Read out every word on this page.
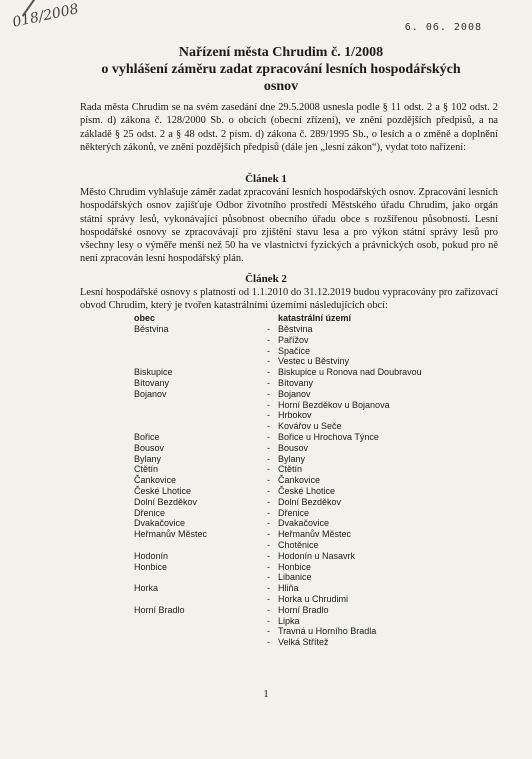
018/2008	6. 06. 2008
Nařízení města Chrudim č. 1/2008
o vyhlášení záměru zadat zpracování lesních hospodářských
osnov
Rada města Chrudim se na svém zasedání dne 29.5.2008 usnesla podle § 11 odst. 2 a § 102 odst. 2 písm. d) zákona č. 128/2000 Sb. o obcích (obecní zřízení), ve znění pozdějších předpisů, a na základě § 25 odst. 2 a § 48 odst. 2 písm. d) zákona č. 289/1995 Sb., o lesích a o změně a doplnění některých zákonů, ve znění pozdějších předpisů (dále jen „lesní zákon“), vydat toto nařízení:
Článek 1
Město Chrudim vyhlašuje záměr zadat zpracování lesních hospodářských osnov. Zpracování lesních hospodářských osnov zajišťuje Odbor životního prostředí Městského úřadu Chrudim, jako orgán státní správy lesů, vykonávající působnost obecního úřadu obce s rozšířenou působností. Lesní hospodářské osnovy se zpracovávají pro zjištění stavu lesa a pro výkon státní správy lesů pro všechny lesy o výměře menší než 50 ha ve vlastnictví fyzických a právnických osob, pokud pro ně není zpracován lesní hospodářský plán.
Článek 2
Lesní hospodářské osnovy s platností od 1.1.2010 do 31.12.2019 budou vypracovány pro zařizovací obvod Chrudim, který je tvořen katastrálními územími následujících obcí:
obec		katastrální území
Běstvina	-	Běstvina
	-	Pařížov
	-	Spačice
	-	Vestec u Běstviny
Biskupice	-	Biskupice u Ronova nad Doubravou
Bítovany	-	Bítovany
Bojanov	-	Bojanov
	-	Horní Bezděkov u Bojanova
	-	Hrbokov
	-	Kovářov u Seče
Bořice	-	Bořice u Hrochova Týnce
Bousov	-	Bousov
Bylany	-	Bylany
Ctětín	-	Ctětín
Čankovice	-	Čankovice
České Lhotice	-	České Lhotice
Dolní Bezděkov	-	Dolní Bezděkov
Dřenice	-	Dřenice
Dvakačovice	-	Dvakačovice
Heřmanův Městec	-	Heřmanův Městec
	-	Chotěnice
Hodonín	-	Hodonín u Nasavrk
Honbice	-	Honbice
	-	Libanice
Horka	-	Hliňa
	-	Horka u Chrudimi
Horní Bradlo	-	Horní Bradlo
	-	Lipka
	-	Travná u Horního Bradla
	-	Velká Střítež
1
